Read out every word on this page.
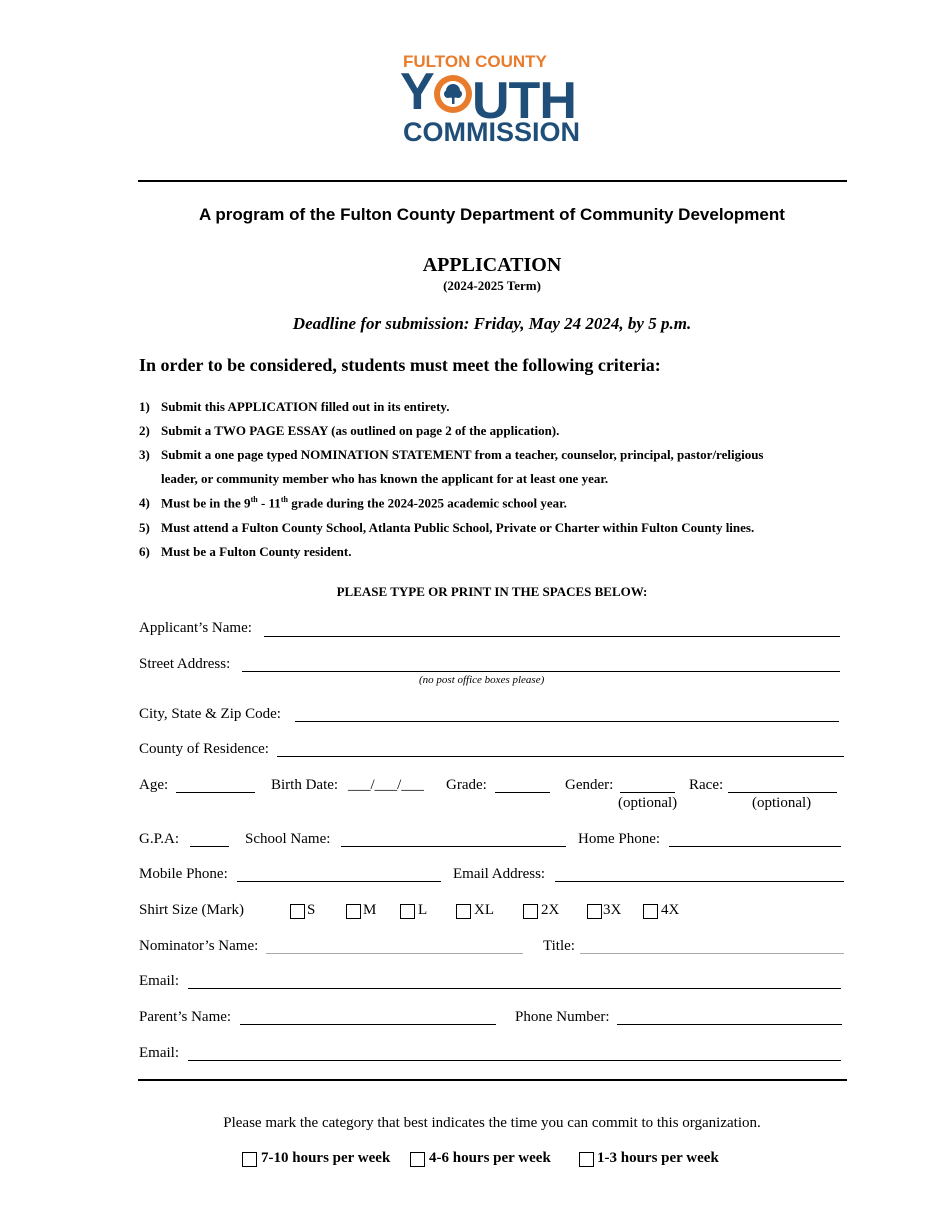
FULTON COUNTY
Y UTH
COMMISSION
A program of the Fulton County Department of Community Development
APPLICATION
(2024-2025 Term)
Deadline for submission: Friday, May 24 2024, by 5 p.m.
In order to be considered, students must meet the following criteria:
1) Submit this APPLICATION filled out in its entirety.
2) Submit a TWO PAGE ESSAY (as outlined on page 2 of the application).
3) Submit a one page typed NOMINATION STATEMENT from a teacher, counselor, principal, pastor/religious
leader, or community member who has known the applicant for at least one year.
4) Must be in the 9th - 11th grade during the 2024-2025 academic school year.
5) Must attend a Fulton County School, Atlanta Public School, Private or Charter within Fulton County lines.
6) Must be a Fulton County resident.
PLEASE TYPE OR PRINT IN THE SPACES BELOW:
Applicant’s Name:
Street Address:
(no post office boxes please)
City, State & Zip Code:
County of Residence:
Age:	Birth Date: ___/___/___ Grade:	Gender:	Race:
(optional)	(optional)
G.P.A:	School Name:	Home Phone:
Mobile Phone:	Email Address:
Shirt Size (Mark)	S	M	L	XL	2X	3X	4X
Nominator’s Name:	Title:
Email:
Parent’s Name:	Phone Number:
Email:
Please mark the category that best indicates the time you can commit to this organization.
7-10 hours per week	4-6 hours per week	1-3 hours per week
